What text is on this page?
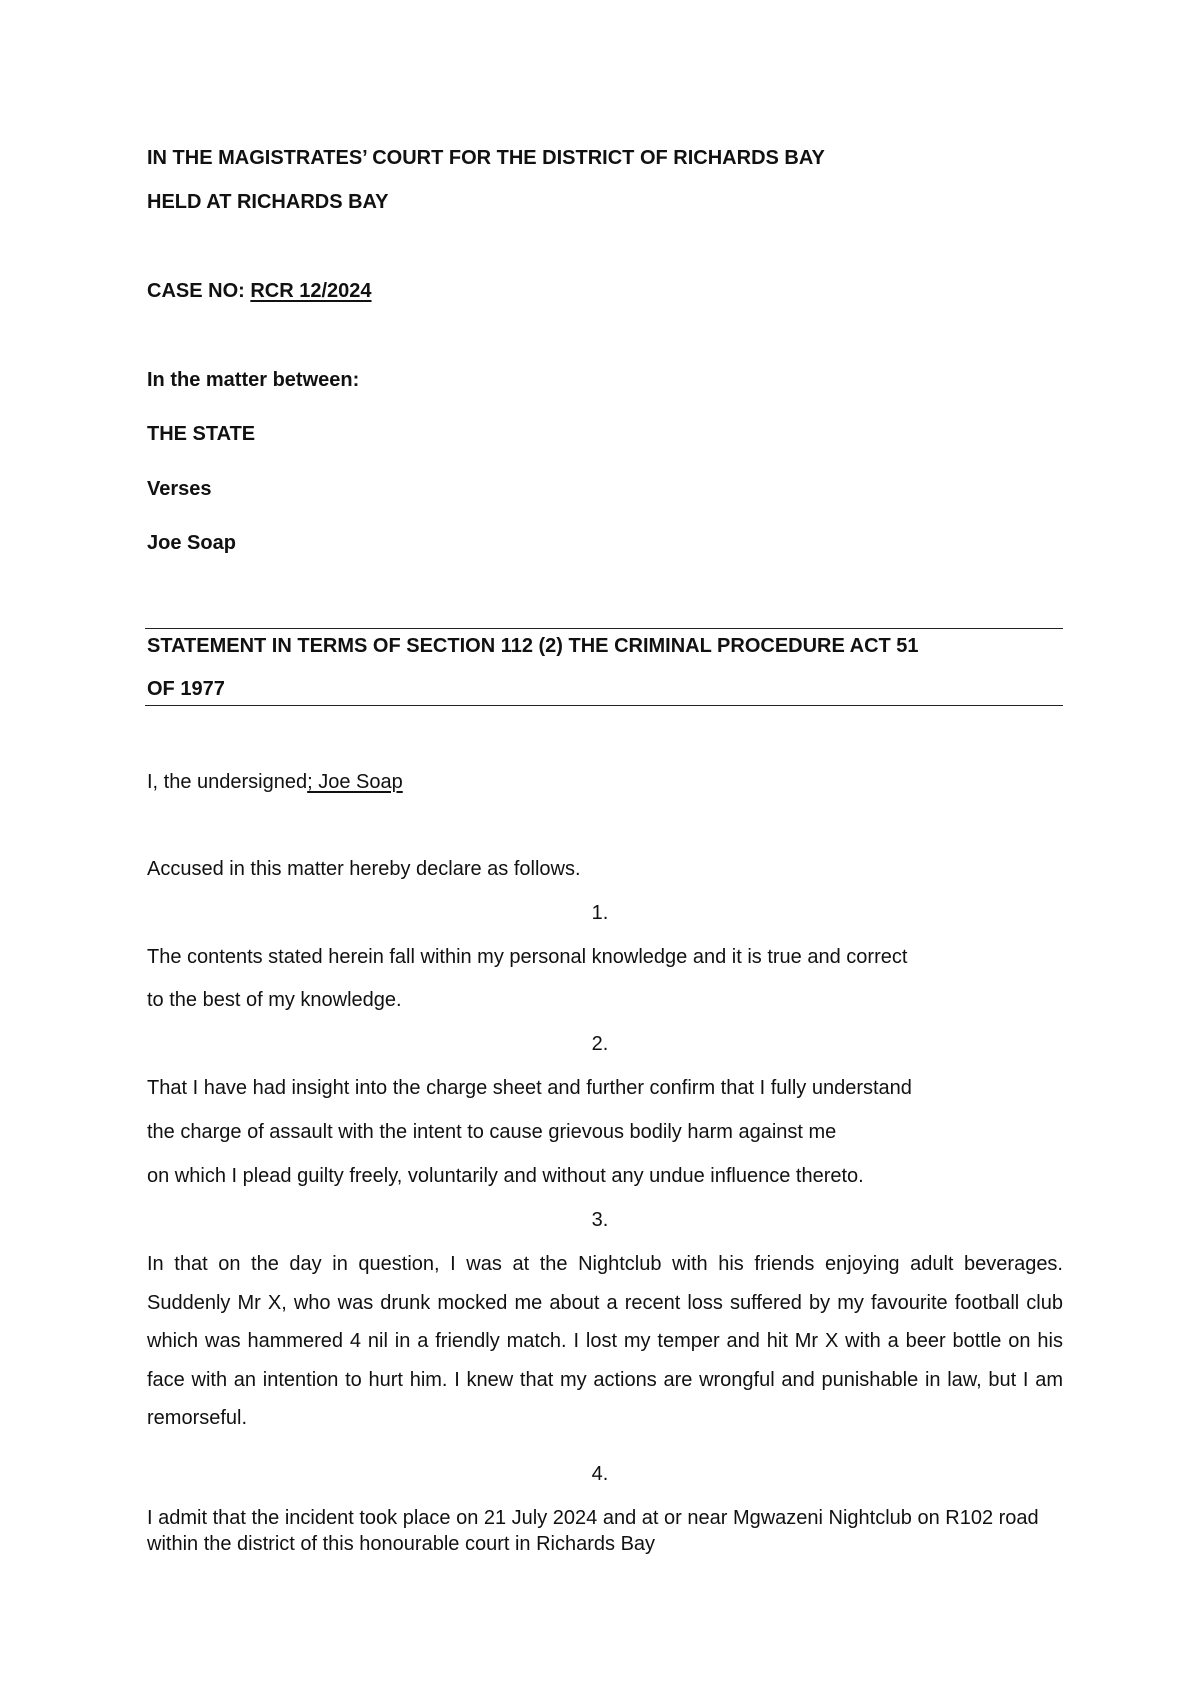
IN THE MAGISTRATES’ COURT FOR THE DISTRICT OF RICHARDS BAY
HELD AT RICHARDS BAY
CASE NO: RCR 12/2024
In the matter between:
THE STATE
Verses
Joe Soap
STATEMENT IN TERMS OF SECTION 112 (2) THE CRIMINAL PROCEDURE ACT 51
OF 1977
I, the undersigned; Joe Soap
Accused in this matter hereby declare as follows.
1.
The contents stated herein fall within my personal knowledge and it is true and correct
to the best of my knowledge.
2.
That I have had insight into the charge sheet and further confirm that I fully understand
the charge of assault with the intent to cause grievous bodily harm against me
on which I plead guilty freely, voluntarily and without any undue influence thereto.
3.
In that on the day in question, I was at the Nightclub with his friends enjoying adult beverages. Suddenly Mr X, who was drunk mocked me about a recent loss suffered by my favourite football club which was hammered 4 nil in a friendly match. I lost my temper and hit Mr X with a beer bottle on his face with an intention to hurt him. I knew that my actions are wrongful and punishable in law, but I am remorseful.
4.
I admit that the incident took place on 21 July 2024 and at or near Mgwazeni Nightclub on R102 road within the district of this honourable court in Richards Bay
